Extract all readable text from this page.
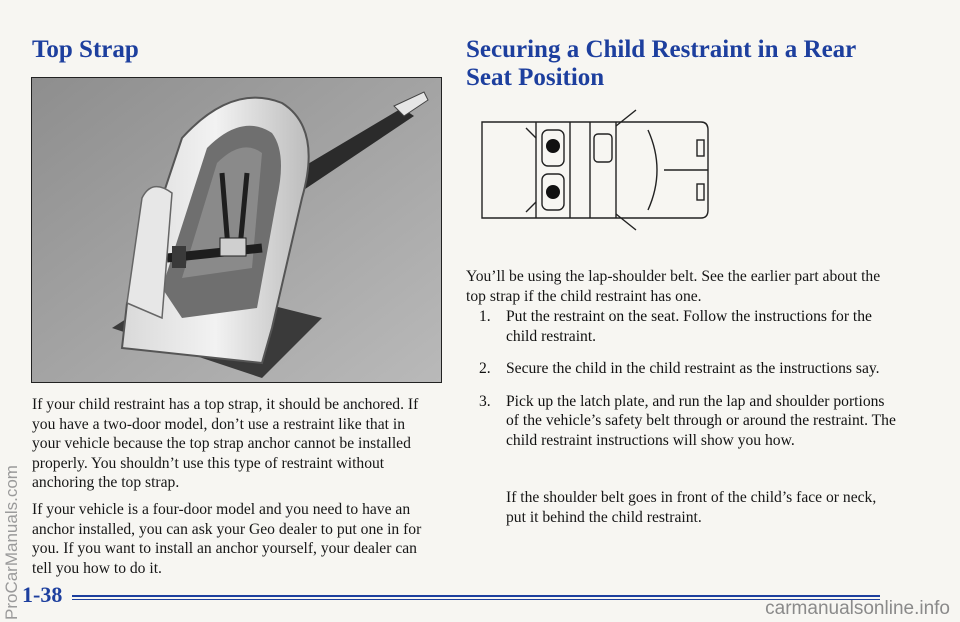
Top Strap

If your child restraint has a top strap, it should be anchored. If you have a two-door model, don’t use a restraint like that in your vehicle because the top strap anchor cannot be installed properly. You shouldn’t use this type of restraint without anchoring the top strap.

If your vehicle is a four-door model and you need to have an anchor installed, you can ask your Geo dealer to put one in for you. If you want to install an anchor yourself, your dealer can tell you how to do it.

Securing a Child Restraint in a Rear Seat Position

You’ll be using the lap-shoulder belt. See the earlier part about the top strap if the child restraint has one.

1. Put the restraint on the seat. Follow the instructions for the child restraint.
2. Secure the child in the child restraint as the instructions say.
3. Pick up the latch plate, and run the lap and shoulder portions of the vehicle’s safety belt through or around the restraint. The child restraint instructions will show you how.

If the shoulder belt goes in front of the child’s face or neck, put it behind the child restraint.

ProCarManuals.com 1-38
carmanualsonline.info
